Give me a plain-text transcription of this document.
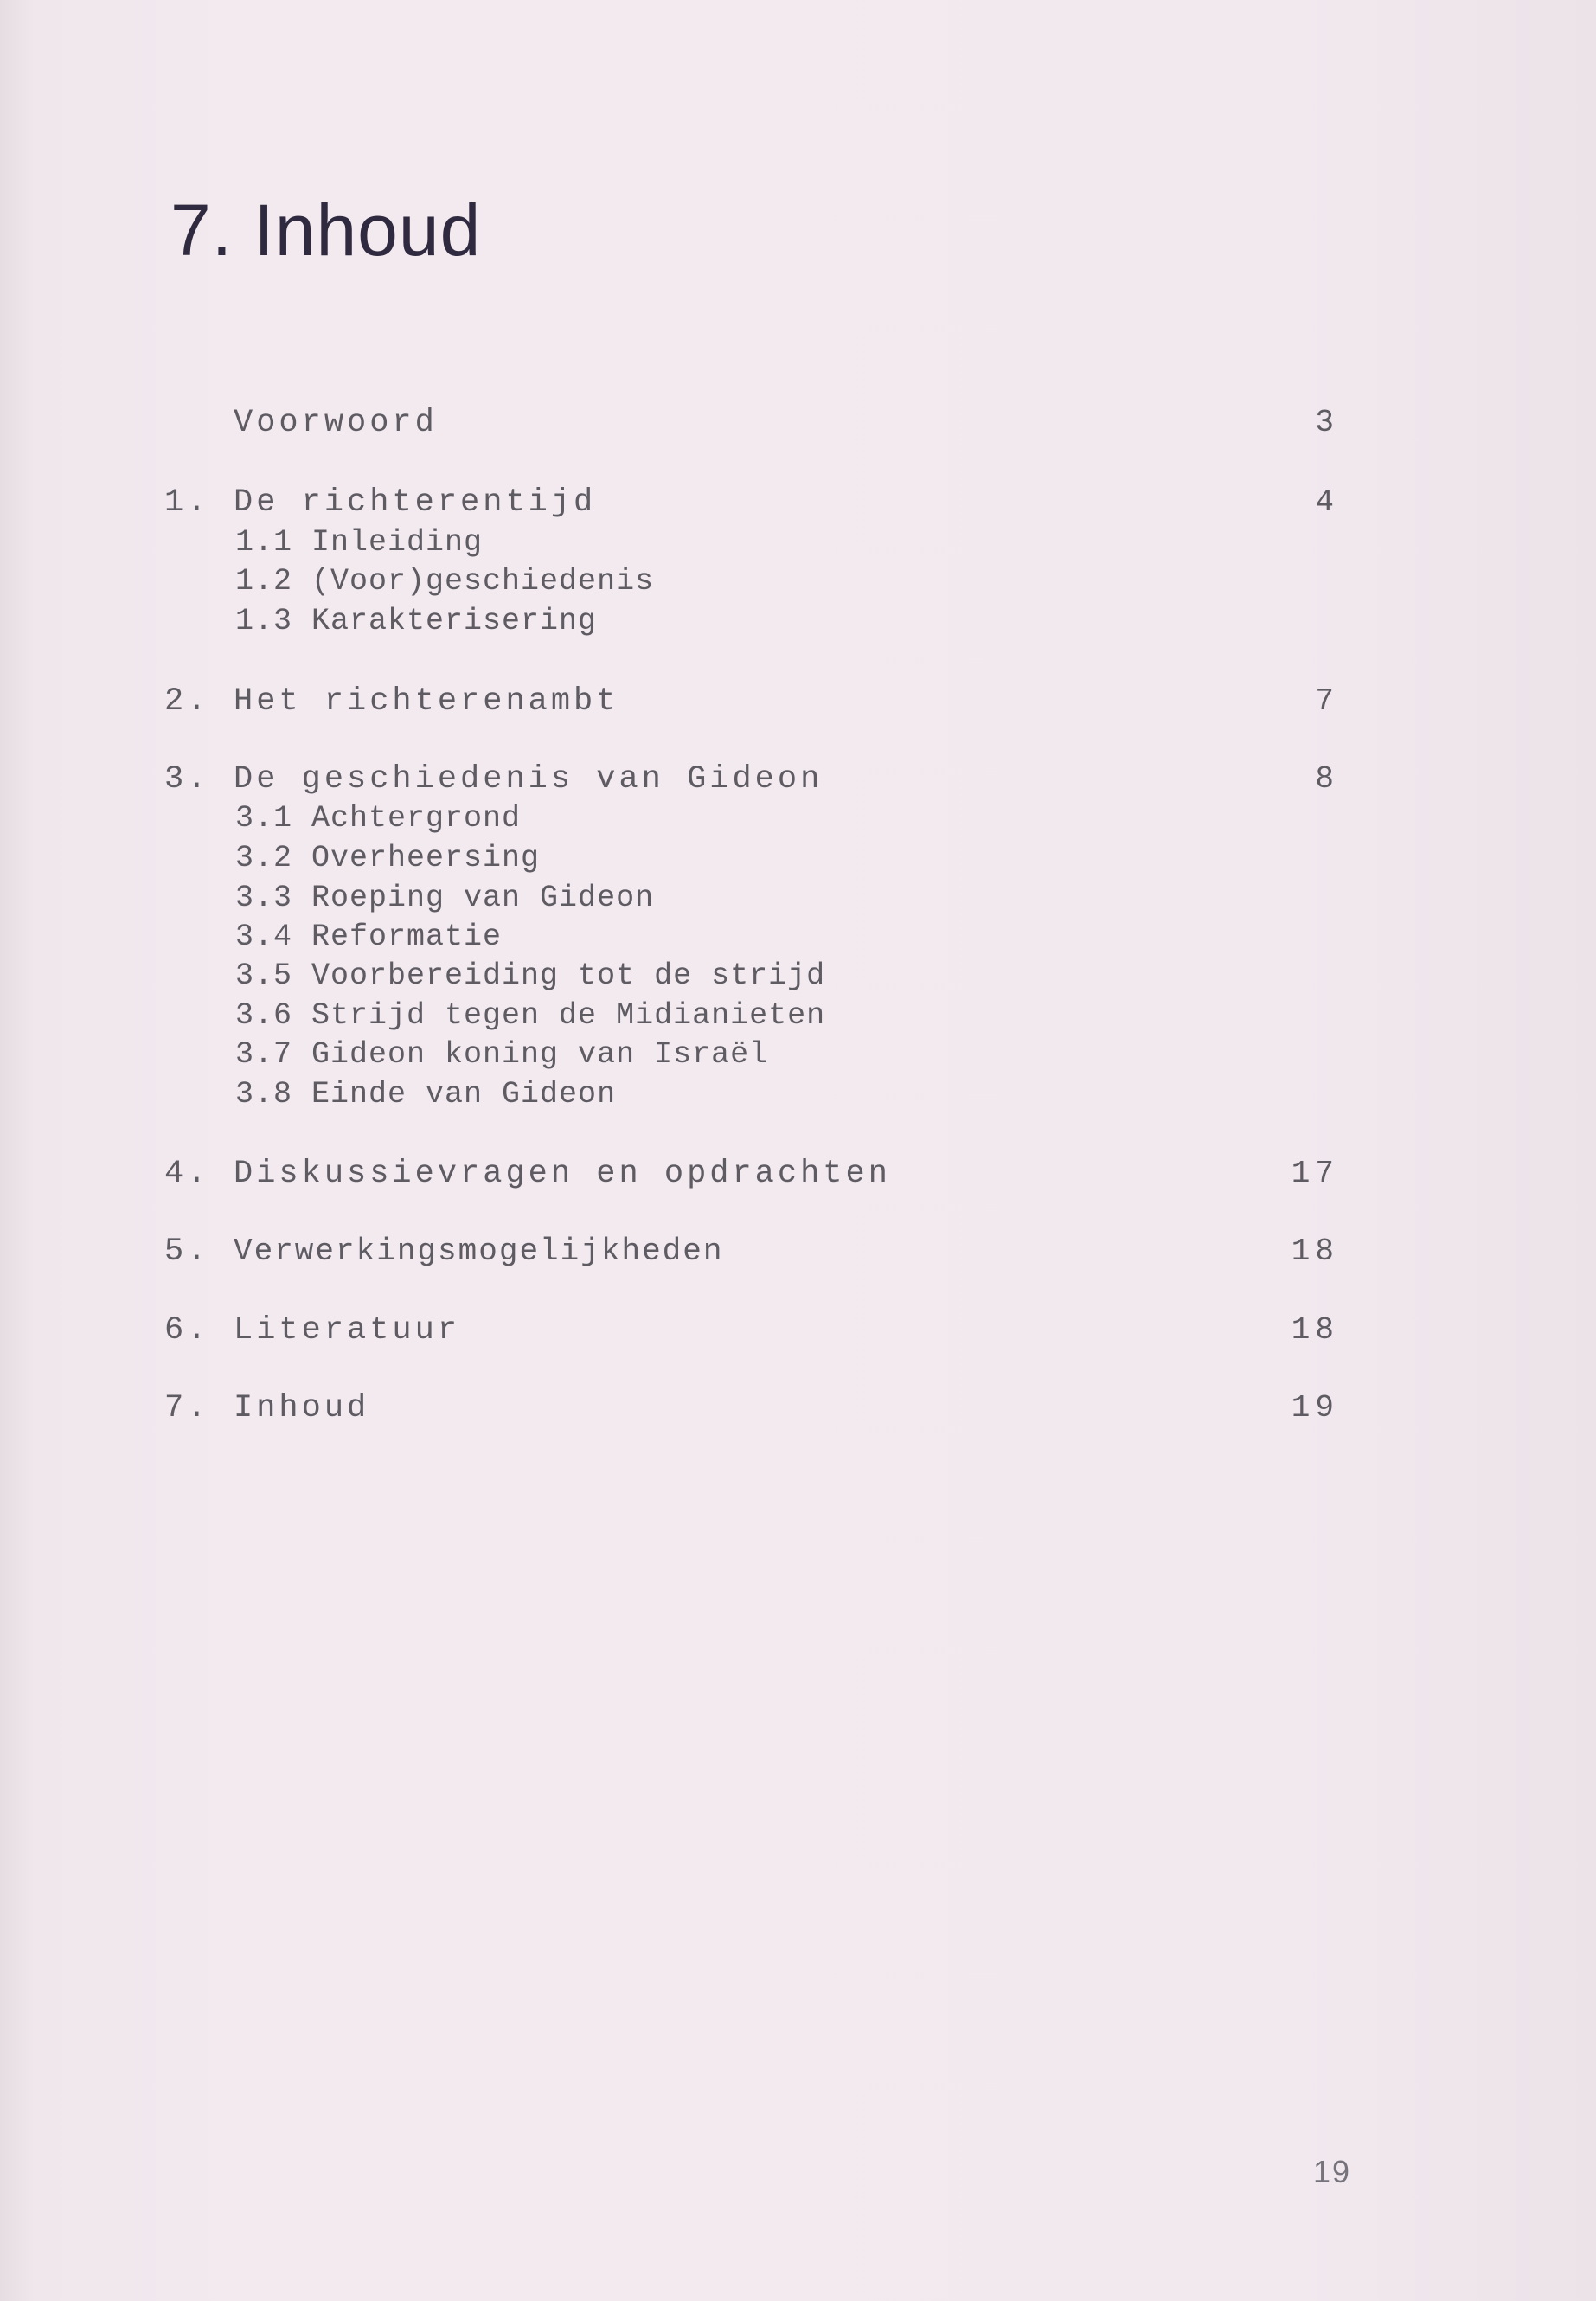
7. Inhoud
Voorwoord	3
1. De richterentijd	4
1.1 Inleiding
1.2 (Voor)geschiedenis
1.3 Karakterisering
2. Het richterenambt	7
3. De geschiedenis van Gideon	8
3.1 Achtergrond
3.2 Overheersing
3.3 Roeping van Gideon
3.4 Reformatie
3.5 Voorbereiding tot de strijd
3.6 Strijd tegen de Midianieten
3.7 Gideon koning van Israël
3.8 Einde van Gideon
4. Diskussievragen en opdrachten	17
5. Verwerkingsmogelijkheden	18
6. Literatuur	18
7. Inhoud	19
19
